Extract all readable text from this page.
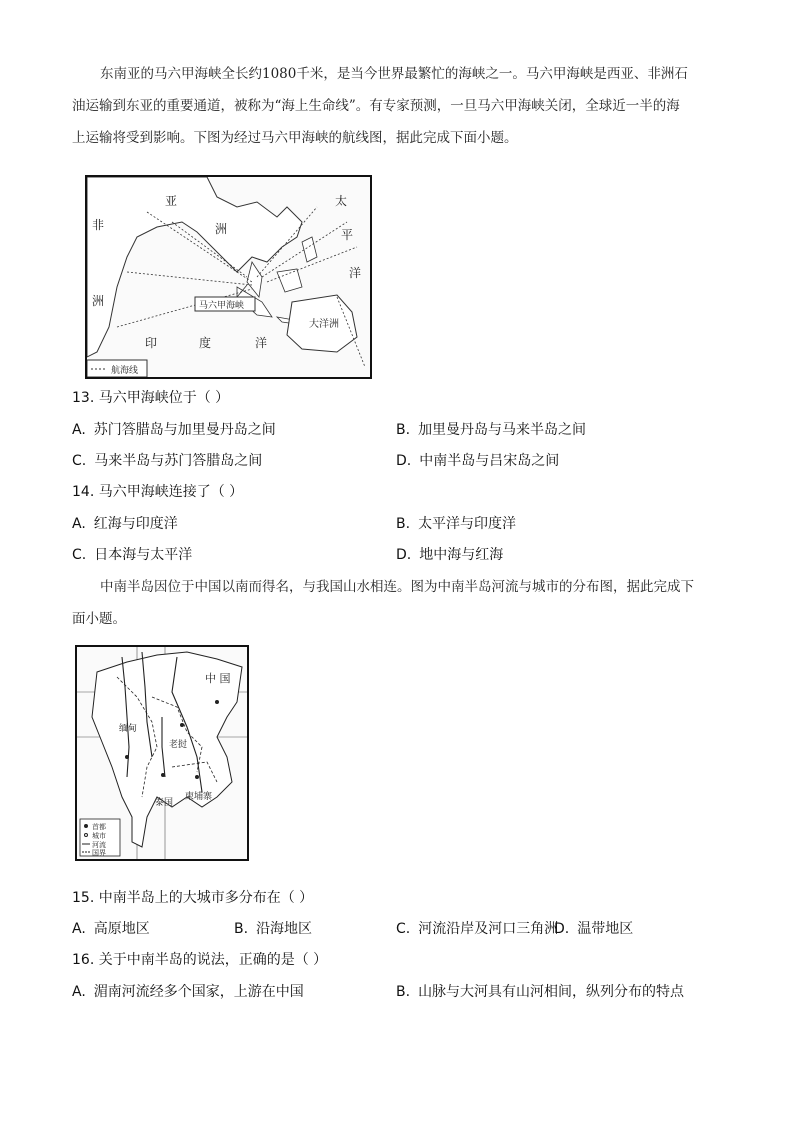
东南亚的马六甲海峡全长约1080千米，是当今世界最繁忙的海峡之一。马六甲海峡是西亚、非洲石
油运输到东亚的重要通道，被称为“海上生命线”。有专家预测，一旦马六甲海峡关闭，全球近一半的海
上运输将受到影响。下图为经过马六甲海峡的航线图，据此完成下面小题。
亚
洲
非
洲
印	度	洋
太
平
洋
大洋洲
马六甲海峡
航海线
13. 马六甲海峡位于（ ）
A. 苏门答腊岛与加里曼丹岛之间	B. 加里曼丹岛与马来半岛之间
C. 马来半岛与苏门答腊岛之间	D. 中南半岛与吕宋岛之间
14. 马六甲海峡连接了（ ）
A. 红海与印度洋	B. 太平洋与印度洋
C. 日本海与太平洋	D. 地中海与红海
中南半岛因位于中国以南而得名，与我国山水相连。图为中南半岛河流与城市的分布图，据此完成下
面小题。
中 国
缅甸
老挝
泰国
柬埔寨
首都
城市
河流
国界
15. 中南半岛上的大城市多分布在（ ）
A. 高原地区	B. 沿海地区	C. 河流沿岸及河口三角洲
D. 温带地区
16. 关于中南半岛的说法，正确的是（ ）
A. 湄南河流经多个国家，上游在中国	B. 山脉与大河具有山河相间，纵列分布的特点
